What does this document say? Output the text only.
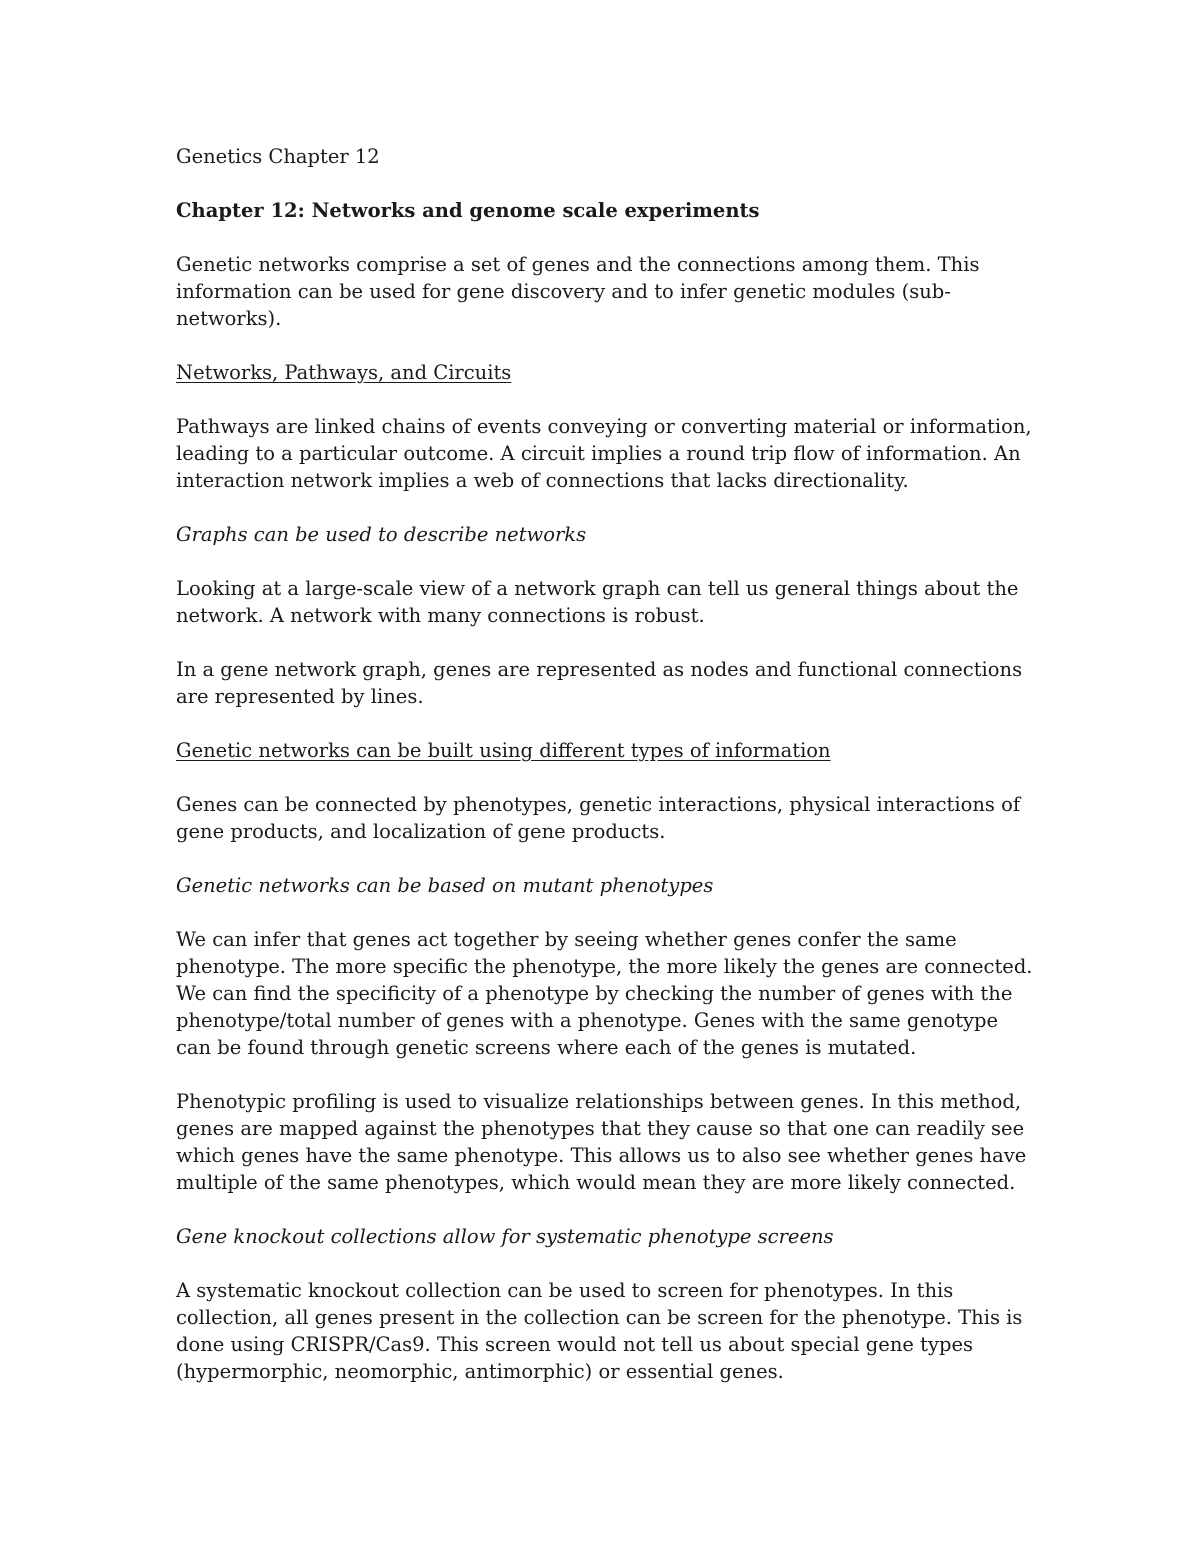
Genetics Chapter 12

Chapter 12: Networks and genome scale experiments

Genetic networks comprise a set of genes and the connections among them. This information can be used for gene discovery and to infer genetic modules (sub-networks).

Networks, Pathways, and Circuits

Pathways are linked chains of events conveying or converting material or information, leading to a particular outcome. A circuit implies a round trip flow of information. An interaction network implies a web of connections that lacks directionality.

Graphs can be used to describe networks

Looking at a large-scale view of a network graph can tell us general things about the network. A network with many connections is robust.

In a gene network graph, genes are represented as nodes and functional connections are represented by lines.

Genetic networks can be built using different types of information

Genes can be connected by phenotypes, genetic interactions, physical interactions of gene products, and localization of gene products.

Genetic networks can be based on mutant phenotypes

We can infer that genes act together by seeing whether genes confer the same phenotype. The more specific the phenotype, the more likely the genes are connected. We can find the specificity of a phenotype by checking the number of genes with the phenotype/total number of genes with a phenotype. Genes with the same genotype can be found through genetic screens where each of the genes is mutated.

Phenotypic profiling is used to visualize relationships between genes. In this method, genes are mapped against the phenotypes that they cause so that one can readily see which genes have the same phenotype. This allows us to also see whether genes have multiple of the same phenotypes, which would mean they are more likely connected.

Gene knockout collections allow for systematic phenotype screens

A systematic knockout collection can be used to screen for phenotypes. In this collection, all genes present in the collection can be screen for the phenotype. This is done using CRISPR/Cas9. This screen would not tell us about special gene types (hypermorphic, neomorphic, antimorphic) or essential genes.
